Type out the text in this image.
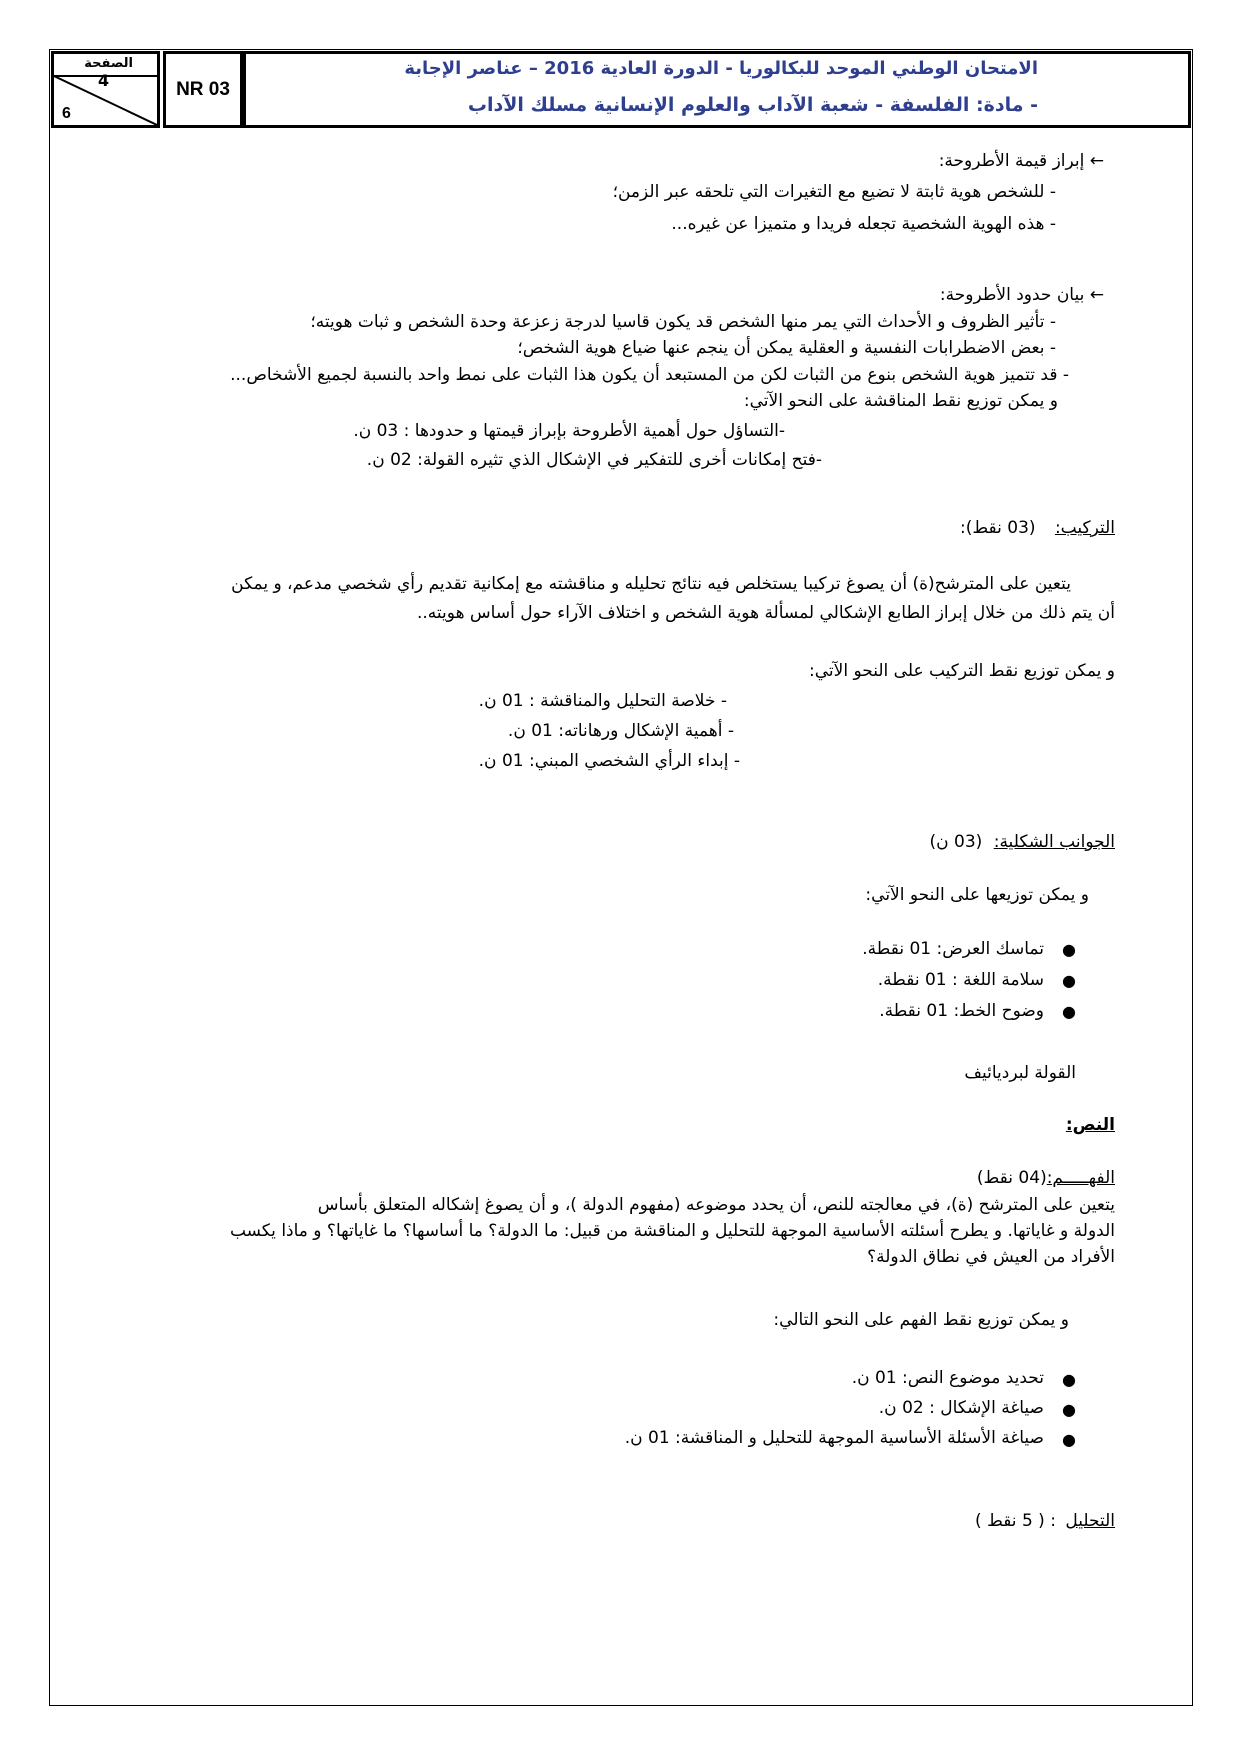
الصفحة
4
6
NR 03
الامتحان الوطني الموحد للبكالوريا - الدورة العادية 2016 – عناصر الإجابة
- مادة: الفلسفة - شعبة الآداب والعلوم الإنسانية مسلك الآداب
← إبراز قيمة الأطروحة:
- للشخص هوية ثابتة لا تضيع مع التغيرات التي تلحقه عبر الزمن؛
- هذه الهوية الشخصية تجعله فريدا و متميزا عن غيره...
← بيان حدود الأطروحة:
- تأثير الظروف و الأحداث التي يمر منها الشخص قد يكون قاسيا لدرجة زعزعة وحدة الشخص و ثبات هويته؛
- بعض الاضطرابات النفسية و العقلية يمكن أن ينجم عنها ضياع هوية الشخص؛
- قد تتميز هوية الشخص بنوع من الثبات لكن من المستبعد أن يكون هذا الثبات على نمط واحد بالنسبة لجميع الأشخاص...
و يمكن توزيع نقط المناقشة على النحو الآتي:
-التساؤل حول أهمية الأطروحة بإبراز قيمتها و حدودها : 03 ن.
-فتح إمكانات أخرى للتفكير في الإشكال الذي تثيره القولة: 02 ن.
التركيب: (03 نقط):
يتعين على المترشح(ة) أن يصوغ تركيبا يستخلص فيه نتائج تحليله و مناقشته مع إمكانية تقديم رأي شخصي مدعم، و يمكن
أن يتم ذلك من خلال إبراز الطابع الإشكالي لمسألة هوية الشخص و اختلاف الآراء حول أساس هويته..
و يمكن توزيع نقط التركيب على النحو الآتي:
- خلاصة التحليل والمناقشة : 01 ن.
- أهمية الإشكال ورهاناته: 01 ن.
- إبداء الرأي الشخصي المبني: 01 ن.
الجوانب الشكلية: (03 ن)
و يمكن توزيعها على النحو الآتي:
●
تماسك العرض: 01 نقطة.
●
سلامة اللغة : 01 نقطة.
●
وضوح الخط: 01 نقطة.
القولة لبرديائيف
النص:
الفهـــــم:(04 نقط)
يتعين على المترشح (ة)، في معالجته للنص، أن يحدد موضوعه (مفهوم الدولة )، و أن يصوغ إشكاله المتعلق بأساس
الدولة و غاياتها. و يطرح أسئلته الأساسية الموجهة للتحليل و المناقشة من قبيل: ما الدولة؟ ما أساسها؟ ما غاياتها؟ و ماذا يكسب
الأفراد من العيش في نطاق الدولة؟
و يمكن توزيع نقط الفهم على النحو التالي:
●
تحديد موضوع النص: 01 ن.
●
صياغة الإشكال : 02 ن.
●
صياغة الأسئلة الأساسية الموجهة للتحليل و المناقشة: 01 ن.
التحليل : ( 5 نقط )
